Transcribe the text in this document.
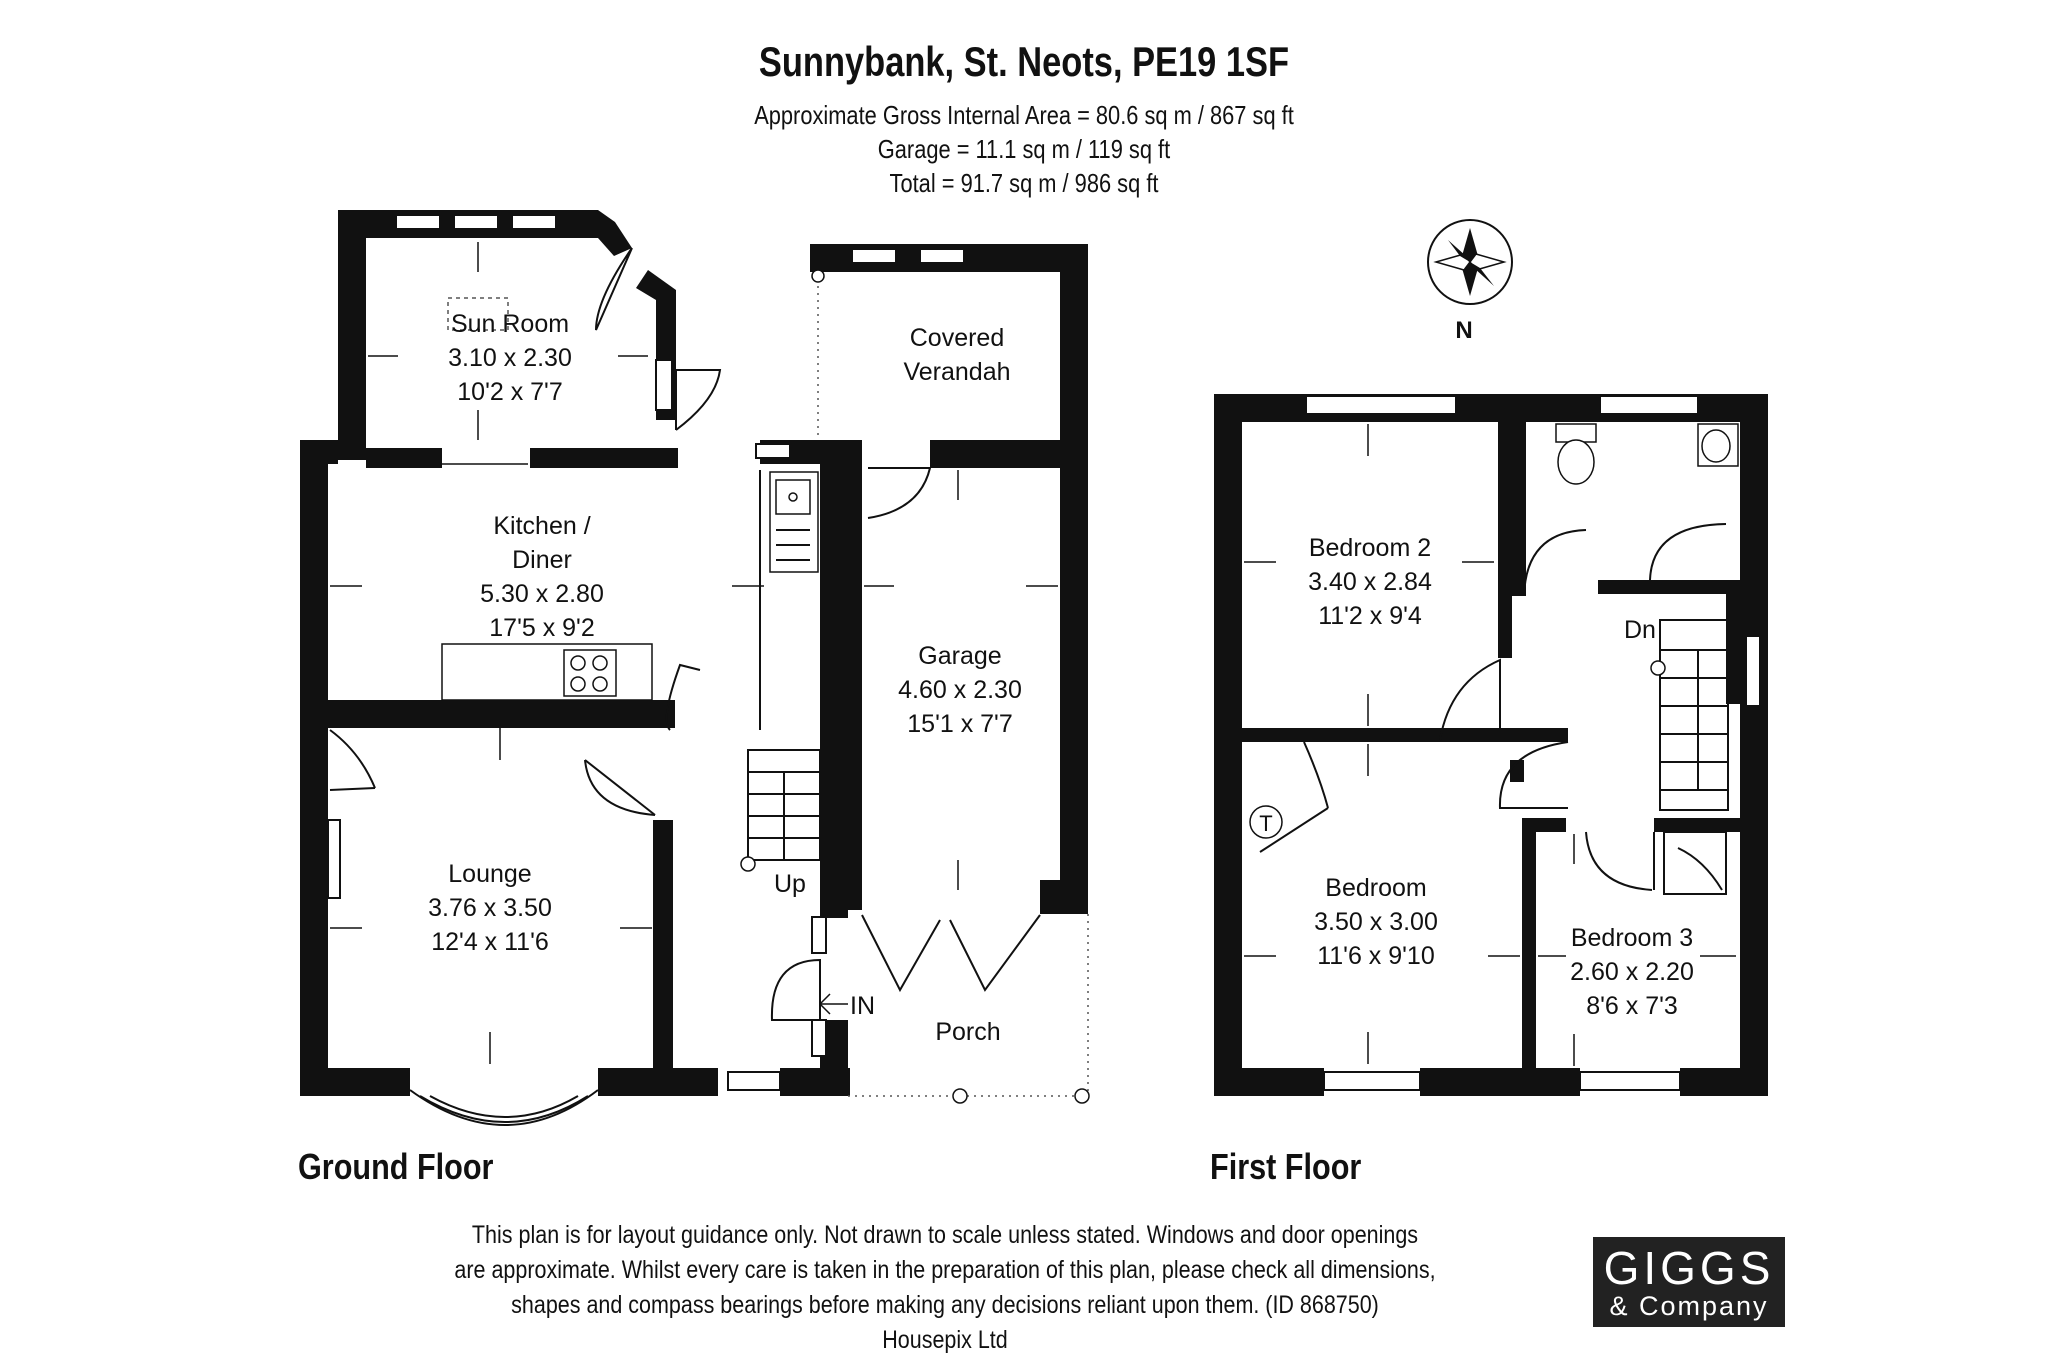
Sunnybank, St. Neots, PE19 1SF
Approximate Gross Internal Area = 80.6 sq m / 867 sq ft
Garage = 11.1 sq m / 119 sq ft
Total = 91.7 sq m / 986 sq ft
Sun Room
3.10 x 2.30
10'2 x 7'7
Covered
Verandah
Kitchen /
Diner
5.30 x 2.80
17'5 x 9'2
Garage
4.60 x 2.30
15'1 x 7'7
Lounge
3.76 x 3.50
12'4 x 11'6
Porch
Up
IN
N
Bedroom 2
3.40 x 2.84
11'2 x 9'4
Bedroom
3.50 x 3.00
11'6 x 9'10
Bedroom 3
2.60 x 2.20
8'6 x 7'3
Dn
T
Ground Floor	First Floor
This plan is for layout guidance only. Not drawn to scale unless stated. Windows and door openings
are approximate. Whilst every care is taken in the preparation of this plan, please check all dimensions,
shapes and compass bearings before making any decisions reliant upon them. (ID 868750)
Housepix Ltd
GIGGS
& Company
